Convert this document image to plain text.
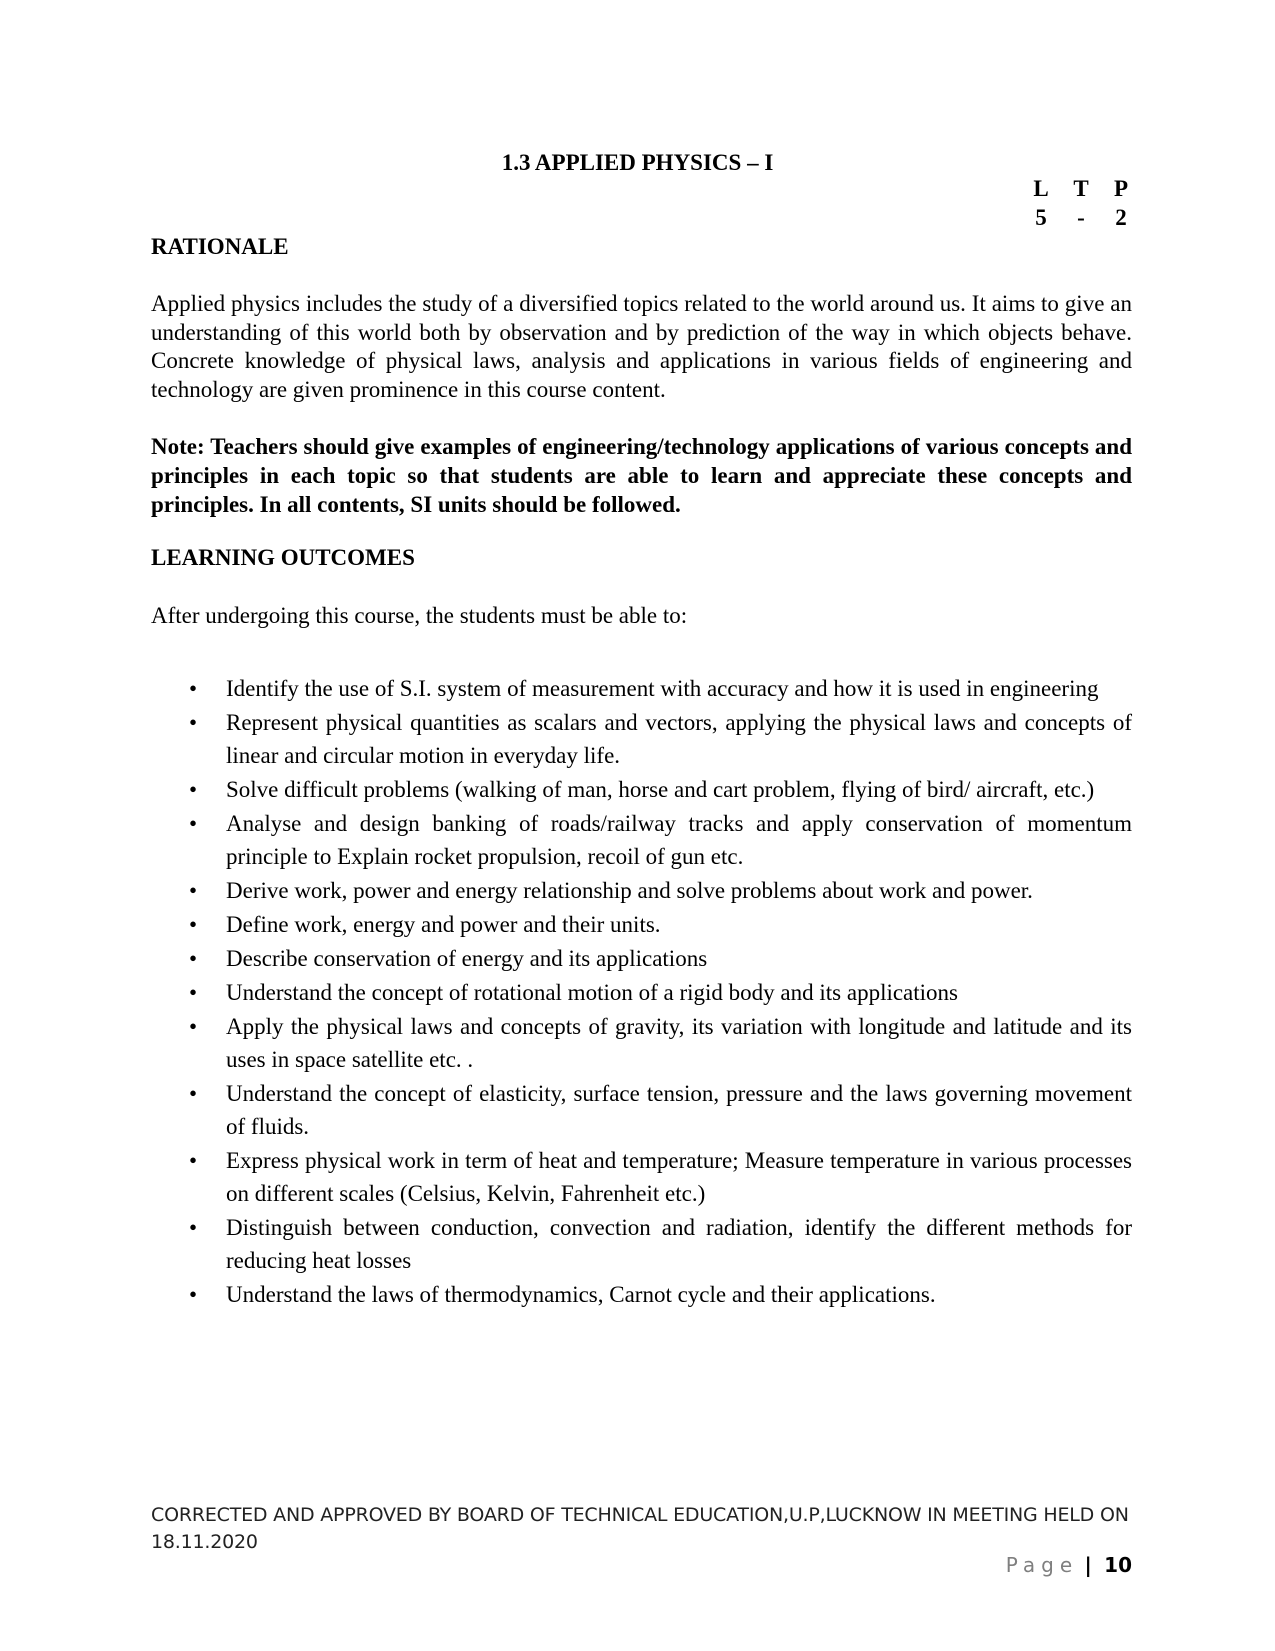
1.3 APPLIED PHYSICS – I
L T P
5	-	2
RATIONALE
Applied physics includes the study of a diversified topics related to the world around us. It aims to give an understanding of this world both by observation and by prediction of the way in which objects behave. Concrete knowledge of physical laws, analysis and applications in various fields of engineering and technology are given prominence in this course content.
Note: Teachers should give examples of engineering/technology applications of various concepts and principles in each topic so that students are able to learn and appreciate these concepts and principles. In all contents, SI units should be followed.
LEARNING OUTCOMES
After undergoing this course, the students must be able to:
• Identify the use of S.I. system of measurement with accuracy and how it is used in engineering
• Represent physical quantities as scalars and vectors, applying the physical laws and concepts of linear and circular motion in everyday life.
• Solve difficult problems (walking of man, horse and cart problem, flying of bird/ aircraft, etc.)
• Analyse and design banking of roads/railway tracks and apply conservation of momentum principle to Explain rocket propulsion, recoil of gun etc.
• Derive work, power and energy relationship and solve problems about work and power.
• Define work, energy and power and their units.
• Describe conservation of energy and its applications
• Understand the concept of rotational motion of a rigid body and its applications
• Apply the physical laws and concepts of gravity, its variation with longitude and latitude and its uses in space satellite etc. .
• Understand the concept of elasticity, surface tension, pressure and the laws governing movement of fluids.
• Express physical work in term of heat and temperature; Measure temperature in various processes on different scales (Celsius, Kelvin, Fahrenheit etc.)
• Distinguish between conduction, convection and radiation, identify the different methods for reducing heat losses
• Understand the laws of thermodynamics, Carnot cycle and their applications.
CORRECTED AND APPROVED BY BOARD OF TECHNICAL EDUCATION,U.P,LUCKNOW IN MEETING HELD ON
18.11.2020
Page | 10
